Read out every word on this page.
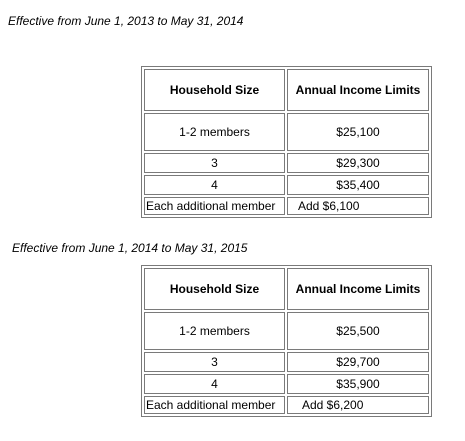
Effective from June 1, 2013 to May 31, 2014
Household Size	Annual Income Limits
1-2 members	$25,100
3	$29,300
4	$35,400
Each additional member	Add $6,100
Effective from June 1, 2014 to May 31, 2015
Household Size	Annual Income Limits
1-2 members	$25,500
3	$29,700
4	$35,900
Each additional member	Add $6,200
